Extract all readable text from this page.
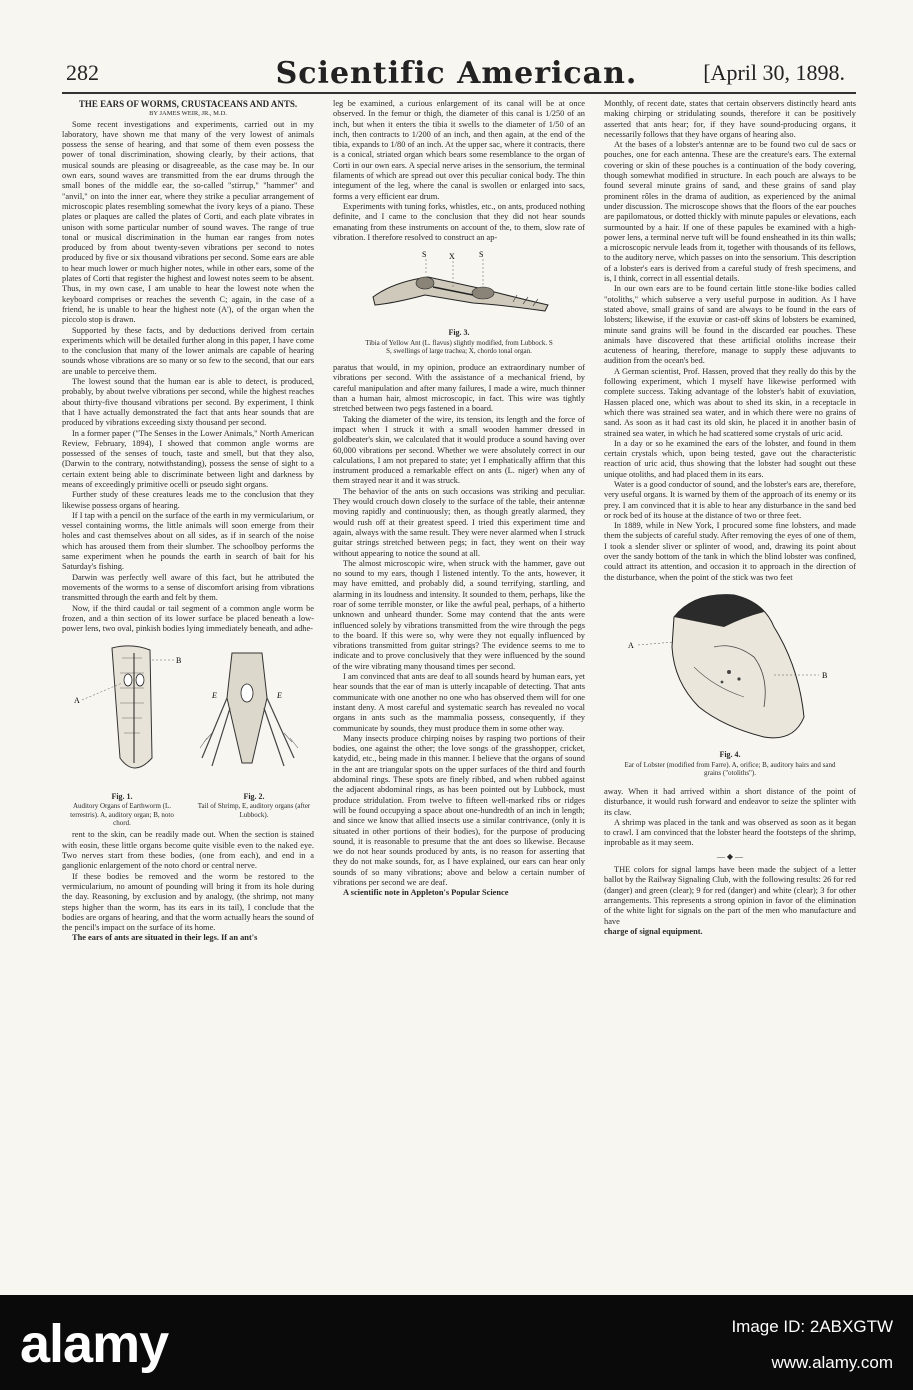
282	Scientific American.	[April 30, 1898.

THE EARS OF WORMS, CRUSTACEANS AND ANTS.

BY JAMES WEIR, JR., M.D.

Some recent investigations and experiments, carried out in my laboratory, have shown me that many of the very lowest of animals possess the sense of hearing, and that some of them even possess the power of tonal discrimination, showing clearly, by their actions, that musical sounds are pleasing or disagreeable, as the case may be. In our own ears, sound waves are transmitted from the ear drums through the small bones of the middle ear, the so-called "stirrup," "hammer" and "anvil," on into the inner ear, where they strike a peculiar arrangement of microscopic plates resembling somewhat the ivory keys of a piano. These plates or plaques are called the plates of Corti, and each plate vibrates in unison with some particular number of sound waves. The range of true tonal or musical discrimination in the human ear ranges from notes produced by from about twenty-seven vibrations per second to notes produced by five or six thousand vibrations per second. Some ears are able to hear much lower or much higher notes, while in other ears, some of the plates of Corti that register the highest and lowest notes seem to be absent. Thus, in my own case, I am unable to hear the lowest note when the keyboard comprises or reaches the seventh C; again, in the case of a friend, he is unable to hear the highest note (A'), of the organ when the piccolo stop is drawn.

Supported by these facts, and by deductions derived from certain experiments which will be detailed further along in this paper, I have come to the conclusion that many of the lower animals are capable of hearing sounds whose vibrations are so many or so few to the second, that our ears are unable to perceive them.

The lowest sound that the human ear is able to detect, is produced, probably, by about twelve vibrations per second, while the highest reaches about thirty-five thousand vibrations per second. By experiment, I think that I have actually demonstrated the fact that ants hear sounds that are produced by vibrations exceeding sixty thousand per second.

In a former paper ("The Senses in the Lower Animals," North American Review, February, 1894), I showed that common angle worms are possessed of the senses of touch, taste and smell, but that they also, (Darwin to the contrary, notwithstanding), possess the sense of sight to a certain extent being able to discriminate between light and darkness by means of exceedingly primitive ocelli or pseudo sight organs.

Further study of these creatures leads me to the conclusion that they likewise possess organs of hearing.

If I tap with a pencil on the surface of the earth in my vermicularium, or vessel containing worms, the little animals will soon emerge from their holes and cast themselves about on all sides, as if in search of the noise which has aroused them from their slumber. The schoolboy performs the same experiment when he pounds the earth in search of bait for his Saturday's fishing.

Darwin was perfectly well aware of this fact, but he attributed the movements of the worms to a sense of discomfort arising from vibrations transmitted through the earth and felt by them.

Now, if the third caudal or tail segment of a common angle worm be frozen, and a thin section of its lower surface be placed beneath a low-power lens, two oval, pinkish bodies lying immediately beneath, and adhe-

A
B
E	E
Fig. 1.
Auditory Organs of Earthworm (L. terrestris). A, auditory organ; B, noto chord.
Fig. 2.
Tail of Shrimp, E, auditory organs (after Lubbock).

rent to the skin, can be readily made out. When the section is stained with eosin, these little organs become quite visible even to the naked eye. Two nerves start from these bodies, (one from each), and end in a ganglionic enlargement of the noto chord or central nerve.

If these bodies be removed and the worm be restored to the vermicularium, no amount of pounding will bring it from its hole during the day. Reasoning, by exclusion and by analogy, (the shrimp, not many steps higher than the worm, has its ears in its tail), I conclude that the bodies are organs of hearing, and that the worm actually hears the sound of the pencil's impact on the surface of its home.

The ears of ants are situated in their legs. If an ant's

leg be examined, a curious enlargement of its canal will be at once observed. In the femur or thigh, the diameter of this canal is 1/250 of an inch, but when it enters the tibia it swells to the diameter of 1/50 of an inch, then contracts to 1/200 of an inch, and then again, at the end of the tibia, expands to 1/80 of an inch. At the upper sac, where it contracts, there is a conical, striated organ which bears some resemblance to the organ of Corti in our own ears. A special nerve arises in the sensorium, the terminal filaments of which are spread out over this peculiar conical body. The thin integument of the leg, where the canal is swollen or enlarged into sacs, forms a very efficient ear drum.

Experiments with tuning forks, whistles, etc., on ants, produced nothing definite, and I came to the conclusion that they did not hear sounds emanating from these instruments on account of the, to them, slow rate of vibration. I therefore resolved to construct an ap-

S	X	S
Fig. 3.
Tibia of Yellow Ant (L. flavus) slightly modified, from Lubbock. S S, swellings of large trachea; X, chordo tonal organ.

paratus that would, in my opinion, produce an extraordinary number of vibrations per second. With the assistance of a mechanical friend, by careful manipulation and after many failures, I made a wire, much thinner than a human hair, almost microscopic, in fact. This wire was tightly stretched between two pegs fastened in a board.

Taking the diameter of the wire, its tension, its length and the force of impact when I struck it with a small wooden hammer dressed in goldbeater's skin, we calculated that it would produce a sound having over 60,000 vibrations per second. Whether we were absolutely correct in our calculations, I am not prepared to state; yet I emphatically affirm that this instrument produced a remarkable effect on ants (L. niger) when any of them strayed near it and it was struck.

The behavior of the ants on such occasions was striking and peculiar. They would crouch down closely to the surface of the table, their antennæ moving rapidly and continuously; then, as though greatly alarmed, they would rush off at their greatest speed. I tried this experiment time and again, always with the same result. They were never alarmed when I struck guitar strings stretched between pegs; in fact, they went on their way without appearing to notice the sound at all.

The almost microscopic wire, when struck with the hammer, gave out no sound to my ears, though I listened intently. To the ants, however, it may have emitted, and probably did, a sound terrifying, startling, and alarming in its loudness and intensity. It sounded to them, perhaps, like the roar of some terrible monster, or like the awful peal, perhaps, of a hitherto unknown and unheard thunder. Some may contend that the ants were influenced solely by vibrations transmitted from the wire through the pegs to the board. If this were so, why were they not equally influenced by vibrations transmitted from guitar strings? The evidence seems to me to indicate and to prove conclusively that they were influenced by the sound of the wire vibrating many thousand times per second.

I am convinced that ants are deaf to all sounds heard by human ears, yet hear sounds that the ear of man is utterly incapable of detecting. That ants communicate with one another no one who has observed them will for one instant deny. A most careful and systematic search has revealed no vocal organs in ants such as the mammalia possess, consequently, if they communicate by sounds, they must produce them in some other way.

Many insects produce chirping noises by rasping two portions of their bodies, one against the other; the love songs of the grasshopper, cricket, katydid, etc., being made in this manner. I believe that the organs of sound in the ant are triangular spots on the upper surfaces of the third and fourth abdominal rings. These spots are finely ribbed, and when rubbed against the adjacent abdominal rings, as has been pointed out by Lubbock, must produce stridulation. From twelve to fifteen well-marked ribs or ridges will be found occupying a space about one-hundredth of an inch in length; and since we know that allied insects use a similar contrivance, (only it is situated in other portions of their bodies), for the purpose of producing sound, it is reasonable to presume that the ant does so likewise. Because we do not hear sounds produced by ants, is no reason for asserting that they do not make sounds, for, as I have explained, our ears can hear only sounds of so many vibrations; above and below a certain number of vibrations per second we are deaf.

A scientific note in Appleton's Popular Science

Monthly, of recent date, states that certain observers distinctly heard ants making chirping or stridulating sounds, therefore it can be positively asserted that ants hear; for, if they have sound-producing organs, it necessarily follows that they have organs of hearing also.

At the bases of a lobster's antennæ are to be found two cul de sacs or pouches, one for each antenna. These are the creature's ears. The external covering or skin of these pouches is a continuation of the body covering, though somewhat modified in structure. In each pouch are always to be found several minute grains of sand, and these grains of sand play prominent rôles in the drama of audition, as experienced by the animal under discussion. The microscope shows that the floors of the ear pouches are papilomatous, or dotted thickly with minute papules or elevations, each surmounted by a hair. If one of these papules be examined with a high-power lens, a terminal nerve tuft will be found ensheathed in its thin walls; a microscopic nervule leads from it, together with thousands of its fellows, to the auditory nerve, which passes on into the sensorium. This description of a lobster's ears is derived from a careful study of fresh specimens, and is, I think, correct in all essential details.

In our own ears are to be found certain little stone-like bodies called "otoliths," which subserve a very useful purpose in audition. As I have stated above, small grains of sand are always to be found in the ears of lobsters; likewise, if the exuviæ or cast-off skins of lobsters be examined, minute sand grains will be found in the discarded ear pouches. These animals have discovered that these artificial otoliths increase their acuteness of hearing, therefore, manage to supply these adjuvants to audition from the ocean's bed.

A German scientist, Prof. Hassen, proved that they really do this by the following experiment, which I myself have likewise performed with complete success. Taking advantage of the lobster's habit of exuviation, Hassen placed one, which was about to shed its skin, in a receptacle in which there was strained sea water, and in which there were no grains of sand. As soon as it had cast its old skin, he placed it in another basin of strained sea water, in which he had scattered some crystals of uric acid.

In a day or so he examined the ears of the lobster, and found in them certain crystals which, upon being tested, gave out the characteristic reaction of uric acid, thus showing that the lobster had sought out these unique otoliths, and had placed them in its ears.

Water is a good conductor of sound, and the lobster's ears are, therefore, very useful organs. It is warned by them of the approach of its enemy or its prey. I am convinced that it is able to hear any disturbance in the sand bed or rock bed of its house at the distance of two or three feet.

In 1889, while in New York, I procured some fine lobsters, and made them the subjects of careful study. After removing the eyes of one of them, I took a slender sliver or splinter of wood, and, drawing its point about over the sandy bottom of the tank in which the blind lobster was confined, could attract its attention, and occasion it to approach in the direction of the disturbance, when the point of the stick was two feet

A
B
Fig. 4.
Ear of Lobster (modified from Farre). A, orifice; B, auditory hairs and sand grains ("otoliths").

away. When it had arrived within a short distance of the point of disturbance, it would rush forward and endeavor to seize the splinter with its claw.

A shrimp was placed in the tank and was observed as soon as it began to crawl. I am convinced that the lobster heard the footsteps of the shrimp, inprobable as it may seem.

— ◆ —

THE colors for signal lamps have been made the subject of a letter ballot by the Railway Signaling Club, with the following results: 26 for red (danger) and green (clear); 9 for red (danger) and white (clear); 3 for other arrangements. This represents a strong opinion in favor of the elimination of the white light for signals on the part of the men who manufacture and have

charge of signal equipment.

alamy	Image ID: 2ABXGTW
www.alamy.com
